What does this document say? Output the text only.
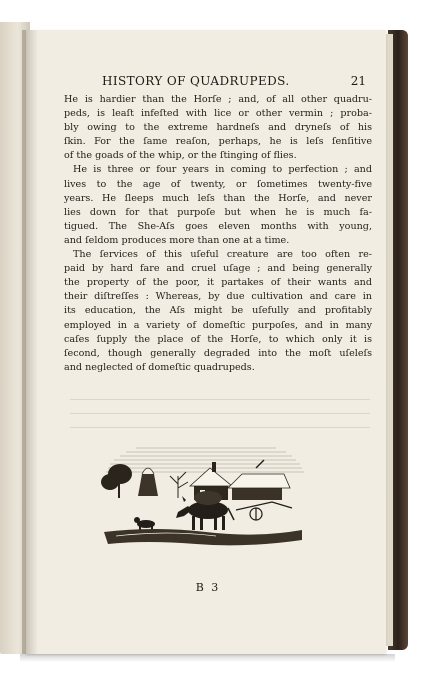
HISTORY OF QUADRUPEDS.	21
He is hardier than the Horſe ; and, of all other quadru-
peds, is leaſt infeſted with lice or other vermin ; proba-
bly owing to the extreme hardneſs and dryneſs of his
ſkin. For the ſame reaſon, perhaps, he is leſs ſenſitive
of the goads of the whip, or the ſtinging of flies.
He is three or four years in coming to perfection ; and
lives to the age of twenty, or ſometimes twenty-five
years. He ſleeps much leſs than the Horſe, and never
lies down for that purpoſe but when he is much fa-
tigued. The She-Aſs goes eleven months with young,
and ſeldom produces more than one at a time.
The ſervices of this uſeful creature are too often re-
paid by hard fare and cruel uſage ; and being generally
the property of the poor, it partakes of their wants and
their diſtreſſes : Whereas, by due cultivation and care in
its education, the Aſs might be uſefully and profitably
employed in a variety of domeſtic purpoſes, and in many
caſes ſupply the place of the Horſe, to which only it is
ſecond, though generally degraded into the moſt uſeleſs
and neglected of domeſtic quadrupeds.
B 3
